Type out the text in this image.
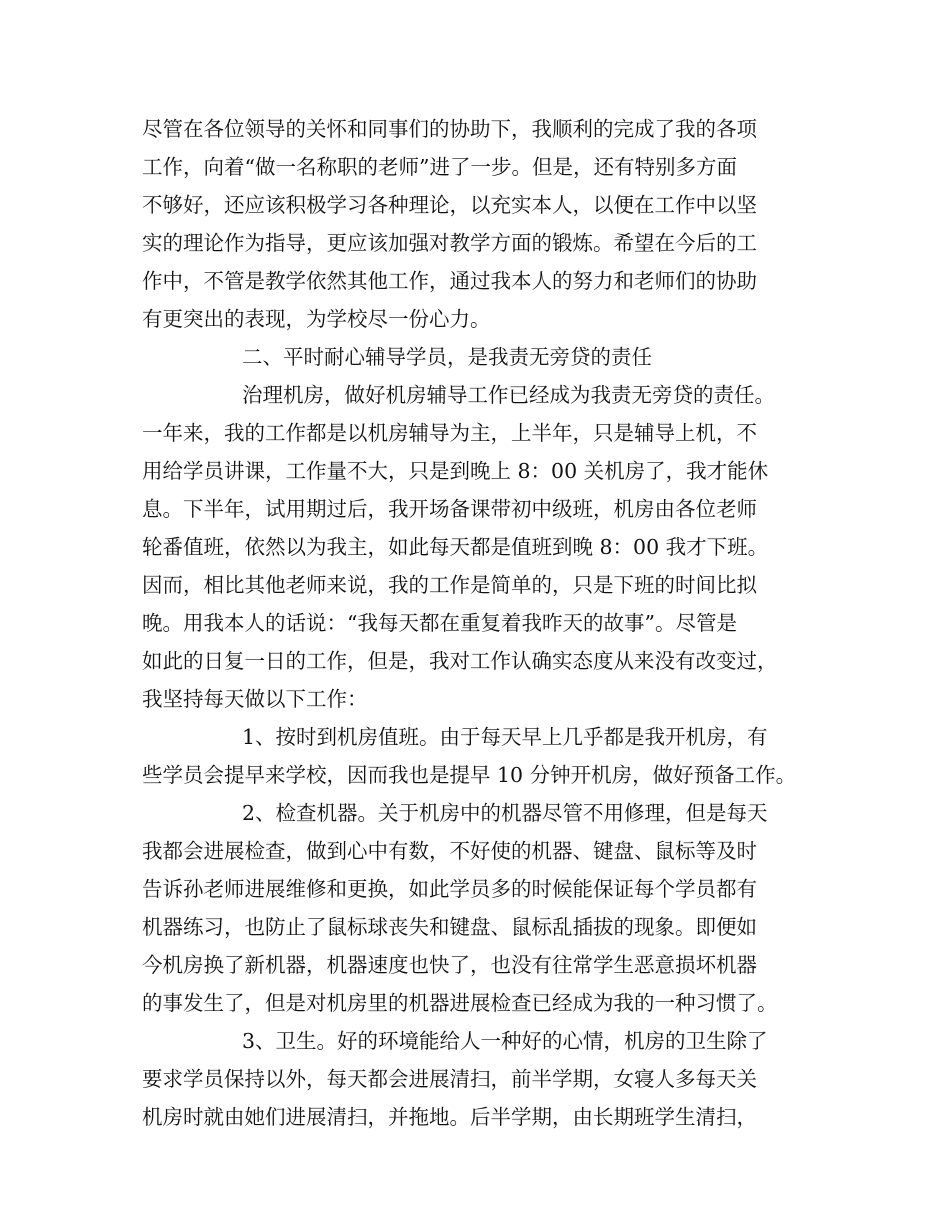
尽管在各位领导的关怀和同事们的协助下，我顺利的完成了我的各项
工作，向着“做一名称职的老师”进了一步。但是，还有特别多方面
不够好，还应该积极学习各种理论，以充实本人，以便在工作中以坚
实的理论作为指导，更应该加强对教学方面的锻炼。希望在今后的工
作中，不管是教学依然其他工作，通过我本人的努力和老师们的协助
有更突出的表现，为学校尽一份心力。
二、平时耐心辅导学员，是我责无旁贷的责任
治理机房，做好机房辅导工作已经成为我责无旁贷的责任。
一年来，我的工作都是以机房辅导为主，上半年，只是辅导上机，不
用给学员讲课，工作量不大，只是到晚上 8：00 关机房了，我才能休
息。下半年，试用期过后，我开场备课带初中级班，机房由各位老师
轮番值班，依然以为我主，如此每天都是值班到晚 8：00 我才下班。
因而，相比其他老师来说，我的工作是简单的，只是下班的时间比拟
晚。用我本人的话说：“我每天都在重复着我昨天的故事”。尽管是
如此的日复一日的工作，但是，我对工作认确实态度从来没有改变过，
我坚持每天做以下工作：
1、按时到机房值班。由于每天早上几乎都是我开机房，有
些学员会提早来学校，因而我也是提早 10 分钟开机房，做好预备工作。
2、检查机器。关于机房中的机器尽管不用修理，但是每天
我都会进展检查，做到心中有数，不好使的机器、键盘、鼠标等及时
告诉孙老师进展维修和更换，如此学员多的时候能保证每个学员都有
机器练习，也防止了鼠标球丧失和键盘、鼠标乱插拔的现象。即便如
今机房换了新机器，机器速度也快了，也没有往常学生恶意损坏机器
的事发生了，但是对机房里的机器进展检查已经成为我的一种习惯了。
3、卫生。好的环境能给人一种好的心情，机房的卫生除了
要求学员保持以外，每天都会进展清扫，前半学期，女寝人多每天关
机房时就由她们进展清扫，并拖地。后半学期，由长期班学生清扫，
